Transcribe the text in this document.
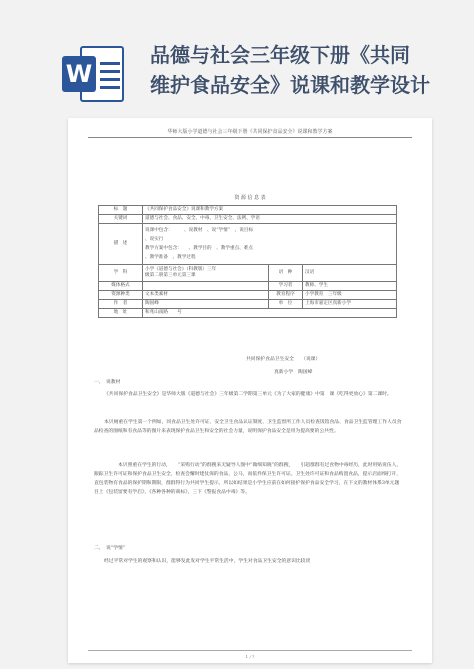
W
品德与社会三年级下册《共同
维护食品安全》说课和教学设计
华师大版小学道德与社会三年级下册《共同保护食品安全》说课和教学方案
资 源 信 息 表
标　题	《共同保护食品安全》说课和教学方案		
关键词	道德与社会、食品、安全、中毒、卫生安全、法例、学语		
描　述	说课中包含：　　　、说教材　、说“学情”　、说目标
、说实行
教学方案中包含：　　、教学目的　、教学重点、难点
、教学准备　、教学过程		

学　科	小学《道德与社会》（科教版）三年
级第二册第三单元第三课	语　种	汉语
媒体格式		学习者	教师、学生
资源种类	文本类素材	教育程序	小学教育　三年级
作　者	陶国峰	单　位	上海市嘉定区真新小学
地　址	和兆山南路　　号		
共同保护食品卫生安全　　（说课）
真新小学　陶国峰
一、　说教材
《共同保护食品卫生安全》是华师大版《道德与社会》三年级第二学期第三单元《为了大家的健康》中第　课《吃得更放心》第二课时。
本贝厕重在学生第一个例如，同食品卫生处许可证、安全卫生食品认证制度、卫生监督所工作人员检查饭馆食品、食品卫生监管理工作人员食品检查的图纸和有食品等的图片来表现保护食品卫生和安全的社会力量，说明保护食品安全是用为提高要的公共性。
本贝照重在学生的行动，　　“采购行动”的群搜来无疑导人图中“做细知晓”的群搜，　　引超群群有过食物中毒经历，此时用贴说伍人，跟踪卫生许可证和保护食品卫生安全，检查会懈时建仗保的食品，公马，而依件保卫生许可证。卫生处许可证和食品购置食品，提示店面细打开，直包装物有食品的保护期和期限，群群得行为共同学生提示，所以如结果是小学生应前在如何接护保护食品安全学习，在下文的教材体系3单元题目上《包装留要有学启》，《各种各种的商标》，三下《警报食品中毒》等。
二、　说“学情”
经过平常对学生的观察和认识，能够发此发对学生平常生活中，学生对食品卫生安全的意识比较淡
1 / 7
